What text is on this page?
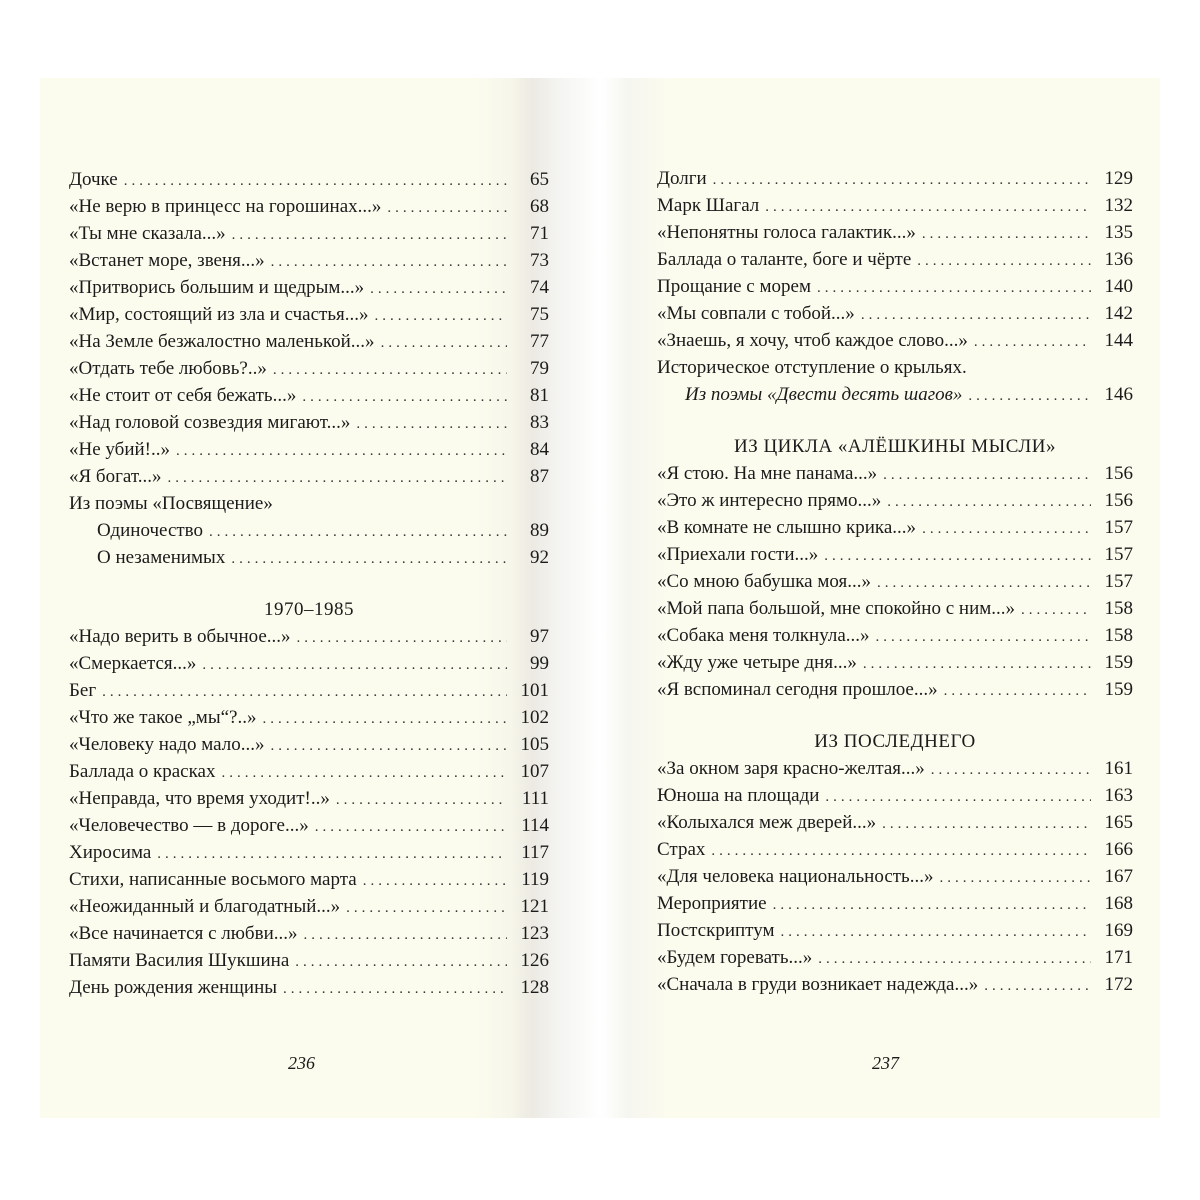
Дочке .....	65
«Не верю в принцесс на горошинах...» .....	68
«Ты мне сказала...» .....	71
«Встанет море, звеня...» .....	73
«Притворись большим и щедрым...» .....	74
«Мир, состоящий из зла и счастья...» .....	75
«На Земле безжалостно маленькой...» .....	77
«Отдать тебе любовь?..» .....	79
«Не стоит от себя бежать...» .....	81
«Над головой созвездия мигают...» .....	83
«Не убий!..» .....	84
«Я богат...» .....	87
Из поэмы «Посвящение»
Одиночество .....	89
О незаменимых .....	92
1970–1985
«Надо верить в обычное...» .....	97
«Смеркается...» .....	99
Бег .....	101
«Что же такое „мы“?..» .....	102
«Человеку надо мало...» .....	105
Баллада о красках .....	107
«Неправда, что время уходит!..» .....	111
«Человечество — в дороге...» .....	114
Хиросима .....	117
Стихи, написанные восьмого марта .....	119
«Неожиданный и благодатный...» .....	121
«Все начинается с любви...» .....	123
Памяти Василия Шукшина .....	126
День рождения женщины .....	128
236
Долги .....	129
Марк Шагал .....	132
«Непонятны голоса галактик...» .....	135
Баллада о таланте, боге и чёрте .....	136
Прощание с морем .....	140
«Мы совпали с тобой...» .....	142
«Знаешь, я хочу, чтоб каждое слово...» .....	144
Историческое отступление о крыльях.
Из поэмы «Двести десять шагов» .....	146
ИЗ ЦИКЛА «АЛЁШКИНЫ МЫСЛИ»
«Я стою. На мне панама...» .....	156
«Это ж интересно прямо...» .....	156
«В комнате не слышно крика...» .....	157
«Приехали гости...» .....	157
«Со мною бабушка моя...» .....	157
«Мой папа большой, мне спокойно с ним...» .....	158
«Собака меня толкнула...» .....	158
«Жду уже четыре дня...» .....	159
«Я вспоминал сегодня прошлое...» .....	159
ИЗ ПОСЛЕДНЕГО
«За окном заря красно-желтая...» .....	161
Юноша на площади .....	163
«Колыхался меж дверей...» .....	165
Страх .....	166
«Для человека национальность...» .....	167
Мероприятие .....	168
Постскриптум .....	169
«Будем горевать...» .....	171
«Сначала в груди возникает надежда...» .....	172
237
